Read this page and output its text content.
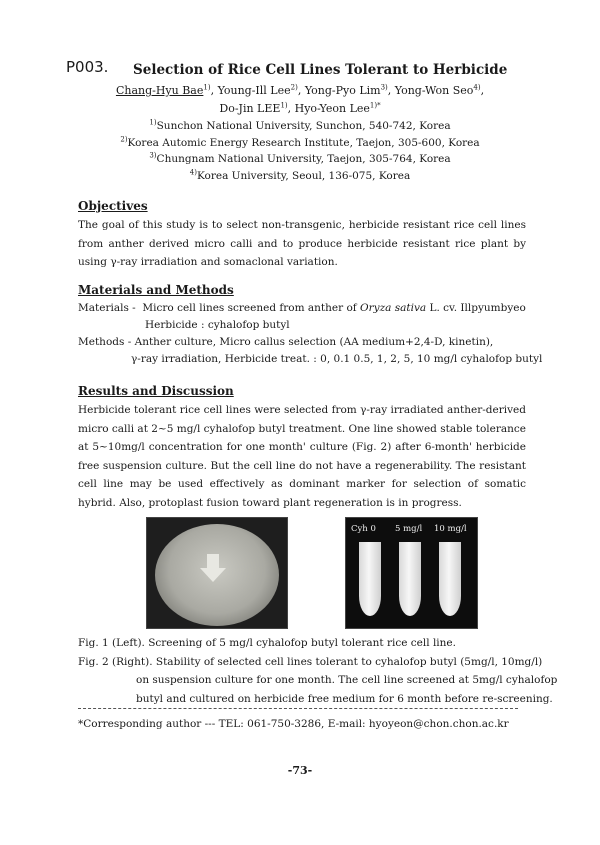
P003. Selection of Rice Cell Lines Tolerant to Herbicide
Chang-Hyu Bae$^{1)}$, Young-Ill Lee$^{2)}$, Yong-Pyo Lim$^{3)}$, Yong-Won Seo$^{4)}$,
Do-Jin LEE$^{1)}$, Hyo-Yeon Lee$^{1)*}$
$^{1)}$Sunchon National University, Sunchon, 540-742, Korea
$^{2)}$Korea Automic Energy Research Institute, Taejon, 305-600, Korea
$^{3)}$Chungnam National University, Taejon, 305-764, Korea
$^{4)}$Korea University, Seoul, 136-075, Korea
Objectives
The goal of this study is to select non-transgenic, herbicide resistant rice cell lines from anther derived micro calli and to produce herbicide resistant rice plant by using γ-ray irradiation and somaclonal variation.
Materials and Methods
Materials - Micro cell lines screened from anther of Oryza sativa L. cv. Illpyumbyeo
Herbicide : cyhalofop butyl
Methods - Anther culture, Micro callus selection (AA medium+2,4-D, kinetin),
γ-ray irradiation, Herbicide treat. : 0, 0.1 0.5, 1, 2, 5, 10 mg/l cyhalofop butyl
Results and Discussion
Herbicide tolerant rice cell lines were selected from γ-ray irradiated anther-derived micro calli at 2~5 mg/l cyhalofop butyl treatment. One line showed stable tolerance at 5~10mg/l concentration for one month' culture (Fig. 2) after 6-month' herbicide free suspension culture. But the cell line do not have a regenerability. The resistant cell line may be used effectively as dominant marker for selection of somatic hybrid. Also, protoplast fusion toward plant regeneration is in progress.
Cyh 0 5 mg/l 10 mg/l
Fig. 1 (Left). Screening of 5 mg/l cyhalofop butyl tolerant rice cell line.
Fig. 2 (Right). Stability of selected cell lines tolerant to cyhalofop butyl (5mg/l, 10mg/l)
on suspension culture for one month. The cell line screened at 5mg/l cyhalofop
butyl and cultured on herbicide free medium for 6 month before re-screening.
*Corresponding author --- TEL: 061-750-3286, E-mail: hyoyeon@chon.chon.ac.kr
-73-
